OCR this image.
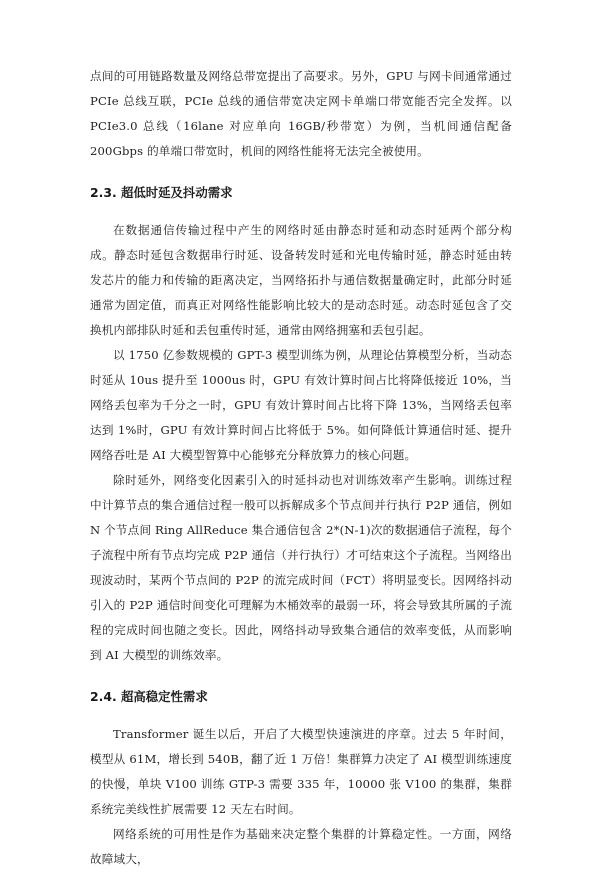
点间的可用链路数量及网络总带宽提出了高要求。另外，GPU 与网卡间通常通过 PCIe 总线互联，PCIe 总线的通信带宽决定网卡单端口带宽能否完全发挥。以 PCIe3.0 总线（16lane 对应单向 16GB/秒带宽）为例，当机间通信配备 200Gbps 的单端口带宽时，机间的网络性能将无法完全被使用。

2.3. 超低时延及抖动需求

在数据通信传输过程中产生的网络时延由静态时延和动态时延两个部分构成。静态时延包含数据串行时延、设备转发时延和光电传输时延，静态时延由转发芯片的能力和传输的距离决定，当网络拓扑与通信数据量确定时，此部分时延通常为固定值，而真正对网络性能影响比较大的是动态时延。动态时延包含了交换机内部排队时延和丢包重传时延，通常由网络拥塞和丢包引起。

以 1750 亿参数规模的 GPT-3 模型训练为例，从理论估算模型分析，当动态时延从 10us 提升至 1000us 时，GPU 有效计算时间占比将降低接近 10%，当网络丢包率为千分之一时，GPU 有效计算时间占比将下降 13%，当网络丢包率达到 1%时，GPU 有效计算时间占比将低于 5%。如何降低计算通信时延、提升网络吞吐是 AI 大模型智算中心能够充分释放算力的核心问题。

除时延外，网络变化因素引入的时延抖动也对训练效率产生影响。训练过程中计算节点的集合通信过程一般可以拆解成多个节点间并行执行 P2P 通信，例如 N 个节点间 Ring AllReduce 集合通信包含 2*(N-1)次的数据通信子流程，每个子流程中所有节点均完成 P2P 通信（并行执行）才可结束这个子流程。当网络出现波动时，某两个节点间的 P2P 的流完成时间（FCT）将明显变长。因网络抖动引入的 P2P 通信时间变化可理解为木桶效率的最弱一环，将会导致其所属的子流程的完成时间也随之变长。因此，网络抖动导致集合通信的效率变低，从而影响到 AI 大模型的训练效率。

2.4. 超高稳定性需求

Transformer 诞生以后，开启了大模型快速演进的序章。过去 5 年时间，模型从 61M，增长到 540B，翻了近 1 万倍！集群算力决定了 AI 模型训练速度的快慢，单块 V100 训练 GTP-3 需要 335 年，10000 张 V100 的集群，集群系统完美线性扩展需要 12 天左右时间。

网络系统的可用性是作为基础来决定整个集群的计算稳定性。一方面，网络故障域大，
